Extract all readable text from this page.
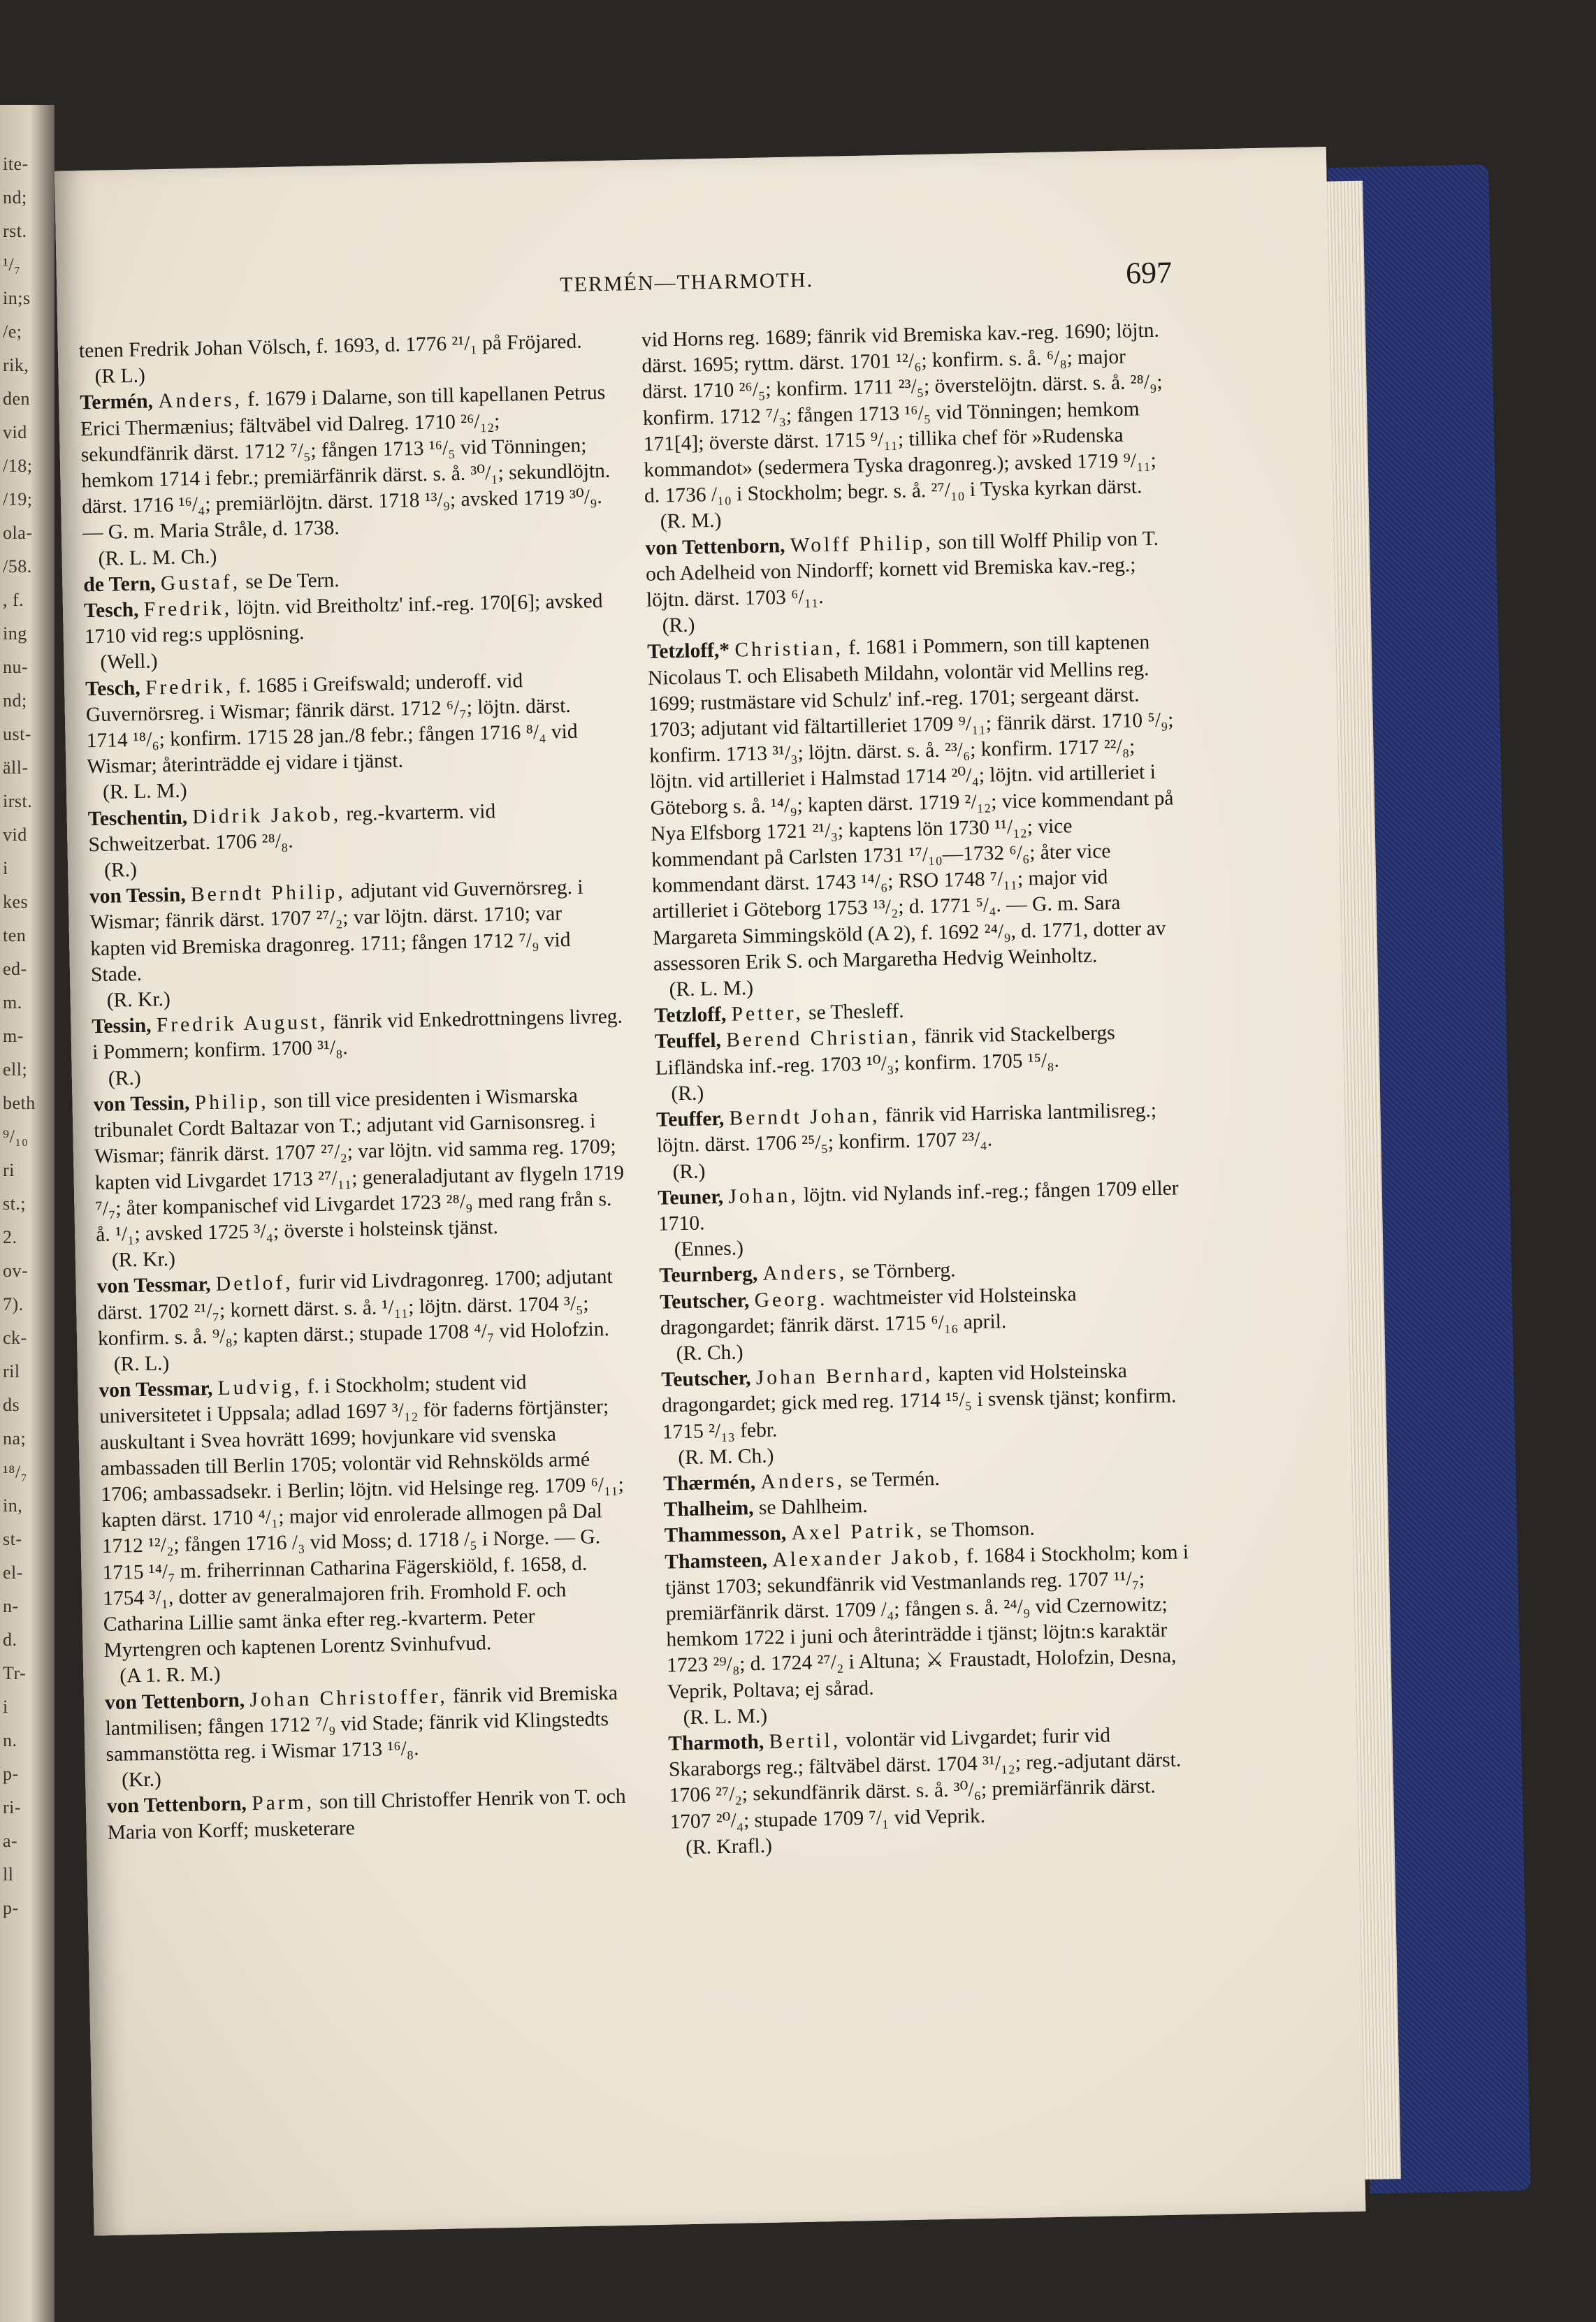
ite-
nd;
rst.
¹/₇
in;s
/e;
rik,
den
vid
/18;
/19;
ola-
/58.
, f.
ing
nu-
nd;
ust-
äll-
irst.
vid
i
kes
ten
ed-
m.
m-
ell;
beth
⁹/₁₀
ri
st.;
2.
ov-
7).
ck-
ril
ds
na;
¹⁸/₇
in,
st-
el-
n-
d.
Tr-
i
n.
p-
ri-
a-
ll
p-
TERMÉN—THARMOTH.	697

tenen Fredrik Johan Völsch, f. 1693, d. 1776 ²¹/₁ på Fröjared.

(R L.)

Termén, Anders, f. 1679 i Dalarne, son till kapellanen Petrus Erici Thermænius; fältväbel vid Dalreg. 1710 ²⁶/₁₂; sekundfänrik därst. 1712 ⁷/₅; fången 1713 ¹⁶/₅ vid Tönningen; hemkom 1714 i febr.; premiärfänrik därst. s. å. ³⁰/₁; sekundlöjtn. därst. 1716 ¹⁶/₄; premiärlöjtn. därst. 1718 ¹³/₉; avsked 1719 ³⁰/₉. — G. m. Maria Stråle, d. 1738.

(R. L. M. Ch.)

de Tern, Gustaf, se De Tern.

Tesch, Fredrik, löjtn. vid Breitholtz' inf.-reg. 170[6]; avsked 1710 vid reg:s upplösning.

(Well.)

Tesch, Fredrik, f. 1685 i Greifswald; underoff. vid Guvernörsreg. i Wismar; fänrik därst. 1712 ⁶/₇; löjtn. därst. 1714 ¹⁸/₆; konfirm. 1715 28 jan./8 febr.; fången 1716 ⁸/₄ vid Wismar; återinträdde ej vidare i tjänst.

(R. L. M.)

Teschentin, Didrik Jakob, reg.-kvarterm. vid Schweitzerbat. 1706 ²⁸/₈.

(R.)

von Tessin, Berndt Philip, adjutant vid Guvernörsreg. i Wismar; fänrik därst. 1707 ²⁷/₂; var löjtn. därst. 1710; var kapten vid Bremiska dragonreg. 1711; fången 1712 ⁷/₉ vid Stade.

(R. Kr.)

Tessin, Fredrik August, fänrik vid Enkedrottningens livreg. i Pommern; konfirm. 1700 ³¹/₈.

(R.)

von Tessin, Philip, son till vice presidenten i Wismarska tribunalet Cordt Baltazar von T.; adjutant vid Garnisonsreg. i Wismar; fänrik därst. 1707 ²⁷/₂; var löjtn. vid samma reg. 1709; kapten vid Livgardet 1713 ²⁷/₁₁; generaladjutant av flygeln 1719 ⁷/₇; åter kompanischef vid Livgardet 1723 ²⁸/₉ med rang från s. å. ¹/₁; avsked 1725 ³/₄; överste i holsteinsk tjänst.

(R. Kr.)

von Tessmar, Detlof, furir vid Livdragonreg. 1700; adjutant därst. 1702 ²¹/₇; kornett därst. s. å. ¹/₁₁; löjtn. därst. 1704 ³/₅; konfirm. s. å. ⁹/₈; kapten därst.; stupade 1708 ⁴/₇ vid Holofzin.

(R. L.)

von Tessmar, Ludvig, f. i Stockholm; student vid universitetet i Uppsala; adlad 1697 ³/₁₂ för faderns förtjänster; auskultant i Svea hovrätt 1699; hovjunkare vid svenska ambassaden till Berlin 1705; volontär vid Rehnskölds armé 1706; ambassadsekr. i Berlin; löjtn. vid Helsinge reg. 1709 ⁶/₁₁; kapten därst. 1710 ⁴/₁; major vid enrolerade allmogen på Dal 1712 ¹²/₂; fången 1716 /₃ vid Moss; d. 1718 /₅ i Norge. — G. 1715 ¹⁴/₇ m. friherrinnan Catharina Fägerskiöld, f. 1658, d. 1754 ³/₁, dotter av generalmajoren frih. Fromhold F. och Catharina Lillie samt änka efter reg.-kvarterm. Peter Myrtengren och kaptenen Lorentz Svinhufvud.

(A 1. R. M.)

von Tettenborn, Johan Christoffer, fänrik vid Bremiska lantmilisen; fången 1712 ⁷/₉ vid Stade; fänrik vid Klingstedts sammanstötta reg. i Wismar 1713 ¹⁶/₈.

(Kr.)

von Tettenborn, Parm, son till Christoffer Henrik von T. och Maria von Korff; musketerare

vid Horns reg. 1689; fänrik vid Bremiska kav.-reg. 1690; löjtn. därst. 1695; ryttm. därst. 1701 ¹²/₆; konfirm. s. å. ⁶/₈; major därst. 1710 ²⁶/₅; konfirm. 1711 ²³/₅; överstelöjtn. därst. s. å. ²⁸/₉; konfirm. 1712 ⁷/₃; fången 1713 ¹⁶/₅ vid Tönningen; hemkom 171[4]; överste därst. 1715 ⁹/₁₁; tillika chef för »Rudenska kommandot» (sedermera Tyska dragonreg.); avsked 1719 ⁹/₁₁; d. 1736 /₁₀ i Stockholm; begr. s. å. ²⁷/₁₀ i Tyska kyrkan därst.

(R. M.)

von Tettenborn, Wolff Philip, son till Wolff Philip von T. och Adelheid von Nindorff; kornett vid Bremiska kav.-reg.; löjtn. därst. 1703 ⁶/₁₁.

(R.)

Tetzloff,* Christian, f. 1681 i Pommern, son till kaptenen Nicolaus T. och Elisabeth Mildahn, volontär vid Mellins reg. 1699; rustmästare vid Schulz' inf.-reg. 1701; sergeant därst. 1703; adjutant vid fältartilleriet 1709 ⁹/₁₁; fänrik därst. 1710 ⁵/₉; konfirm. 1713 ³¹/₃; löjtn. därst. s. å. ²³/₆; konfirm. 1717 ²²/₈; löjtn. vid artilleriet i Halmstad 1714 ²⁰/₄; löjtn. vid artilleriet i Göteborg s. å. ¹⁴/₉; kapten därst. 1719 ²/₁₂; vice kommendant på Nya Elfsborg 1721 ²¹/₃; kaptens lön 1730 ¹¹/₁₂; vice kommendant på Carlsten 1731 ¹⁷/₁₀—1732 ⁶/₆; åter vice kommendant därst. 1743 ¹⁴/₆; RSO 1748 ⁷/₁₁; major vid artilleriet i Göteborg 1753 ¹³/₂; d. 1771 ⁵/₄. — G. m. Sara Margareta Simmingsköld (A 2), f. 1692 ²⁴/₉, d. 1771, dotter av assessoren Erik S. och Margaretha Hedvig Weinholtz.

(R. L. M.)

Tetzloff, Petter, se Thesleff.

Teuffel, Berend Christian, fänrik vid Stackelbergs Lifländska inf.-reg. 1703 ¹⁰/₃; konfirm. 1705 ¹⁵/₈.

(R.)

Teuffer, Berndt Johan, fänrik vid Harriska lantmilisreg.; löjtn. därst. 1706 ²⁵/₅; konfirm. 1707 ²³/₄.

(R.)

Teuner, Johan, löjtn. vid Nylands inf.-reg.; fången 1709 eller 1710.

(Ennes.)

Teurnberg, Anders, se Törnberg.

Teutscher, Georg. wachtmeister vid Holsteinska dragongardet; fänrik därst. 1715 ⁶/₁₆ april.

(R. Ch.)

Teutscher, Johan Bernhard, kapten vid Holsteinska dragongardet; gick med reg. 1714 ¹⁵/₅ i svensk tjänst; konfirm. 1715 ²/₁₃ febr.

(R. M. Ch.)

Thærmén, Anders, se Termén.

Thalheim, se Dahlheim.

Thammesson, Axel Patrik, se Thomson.

Thamsteen, Alexander Jakob, f. 1684 i Stockholm; kom i tjänst 1703; sekundfänrik vid Vestmanlands reg. 1707 ¹¹/₇; premiärfänrik därst. 1709 /₄; fången s. å. ²⁴/₉ vid Czernowitz; hemkom 1722 i juni och återinträdde i tjänst; löjtn:s karaktär 1723 ²⁹/₈; d. 1724 ²⁷/₂ i Altuna; ⚔ Fraustadt, Holofzin, Desna, Veprik, Poltava; ej sårad.

(R. L. M.)

Tharmoth, Bertil, volontär vid Livgardet; furir vid Skaraborgs reg.; fältväbel därst. 1704 ³¹/₁₂; reg.-adjutant därst. 1706 ²⁷/₂; sekundfänrik därst. s. å. ³⁰/₆; premiärfänrik därst. 1707 ²⁰/₄; stupade 1709 ⁷/₁ vid Veprik.

(R. Krafl.)
